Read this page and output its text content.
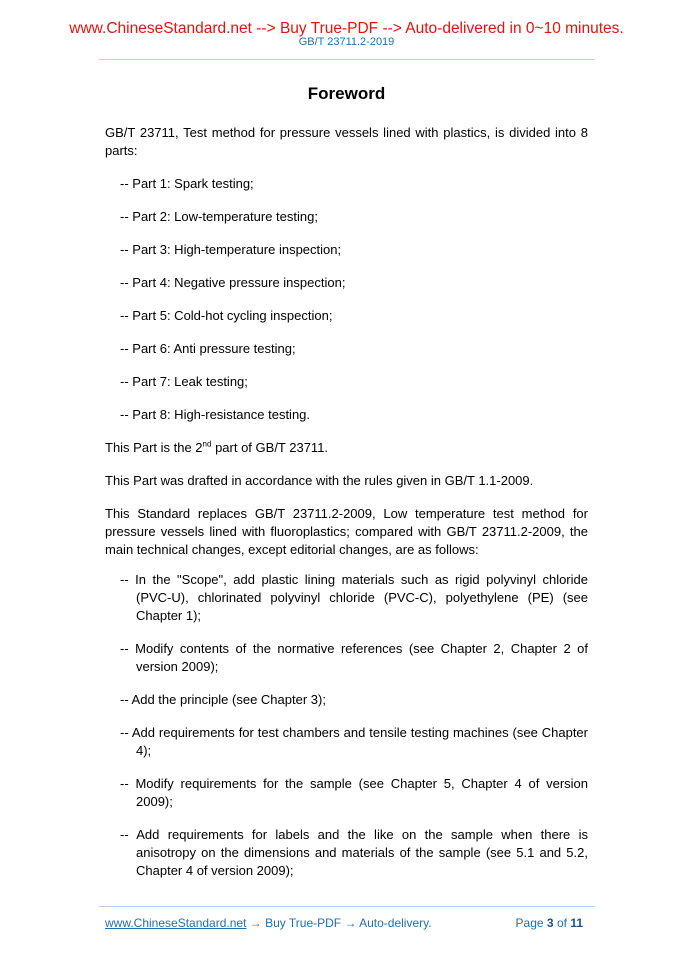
www.ChineseStandard.net --> Buy True-PDF --> Auto-delivered in 0~10 minutes.
GB/T 23711.2-2019
Foreword

GB/T 23711, Test method for pressure vessels lined with plastics, is divided into 8 parts:

-- Part 1: Spark testing;

-- Part 2: Low-temperature testing;

-- Part 3: High-temperature inspection;

-- Part 4: Negative pressure inspection;

-- Part 5: Cold-hot cycling inspection;

-- Part 6: Anti pressure testing;

-- Part 7: Leak testing;

-- Part 8: High-resistance testing.

This Part is the 2nd part of GB/T 23711.

This Part was drafted in accordance with the rules given in GB/T 1.1-2009.

This Standard replaces GB/T 23711.2-2009, Low temperature test method for pressure vessels lined with fluoroplastics; compared with GB/T 23711.2-2009, the main technical changes, except editorial changes, are as follows:

-- In the "Scope", add plastic lining materials such as rigid polyvinyl chloride (PVC-U), chlorinated polyvinyl chloride (PVC-C), polyethylene (PE) (see Chapter 1);

-- Modify contents of the normative references (see Chapter 2, Chapter 2 of version 2009);

-- Add the principle (see Chapter 3);

-- Add requirements for test chambers and tensile testing machines (see Chapter 4);

-- Modify requirements for the sample (see Chapter 5, Chapter 4 of version 2009);

-- Add requirements for labels and the like on the sample when there is anisotropy on the dimensions and materials of the sample (see 5.1 and 5.2, Chapter 4 of version 2009);

www.ChineseStandard.net → Buy True-PDF → Auto-delivery.	Page 3 of 11
